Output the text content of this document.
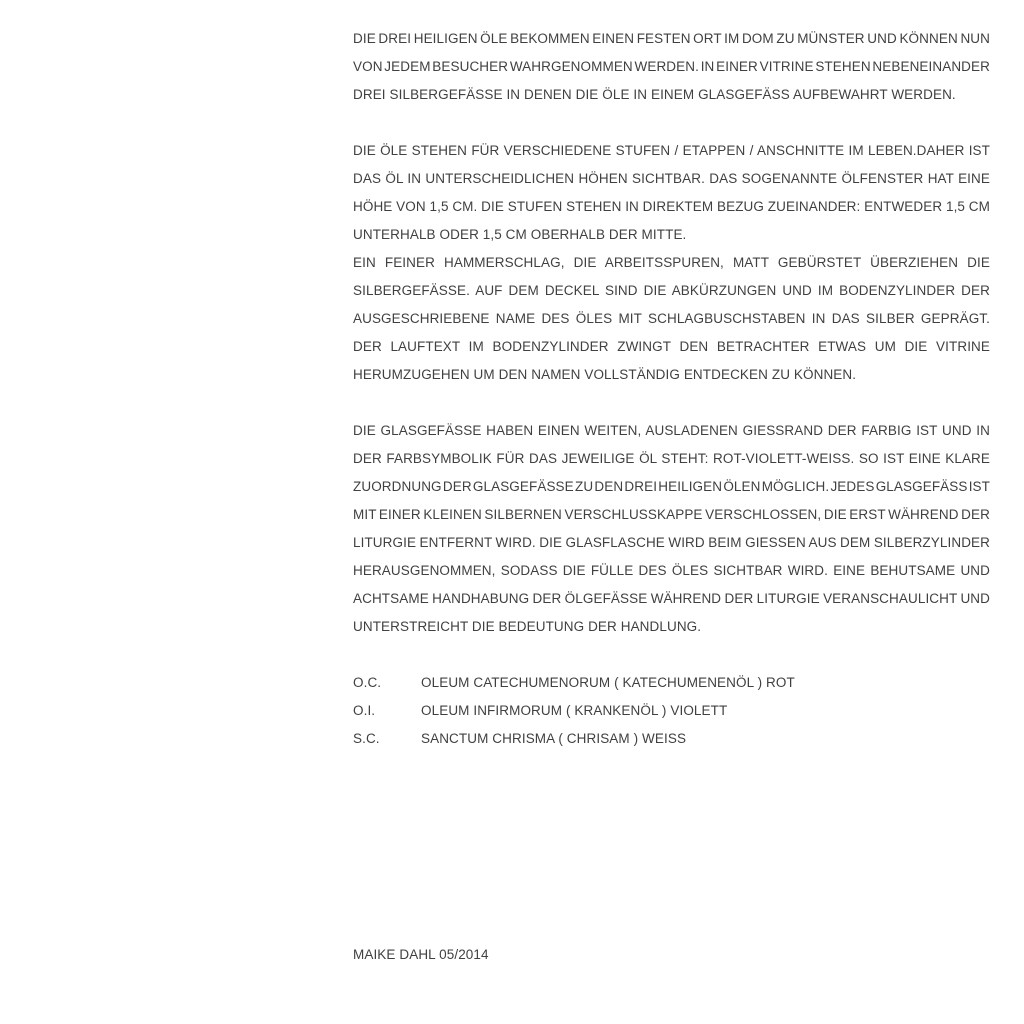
DIE DREI HEILIGEN ÖLE BEKOMMEN EINEN FESTEN ORT IM DOM ZU MÜNSTER UND KÖNNEN NUN
VON JEDEM BESUCHER WAHRGENOMMEN WERDEN. IN EINER VITRINE STEHEN NEBENEINANDER
DREI SILBERGEFÄSSE IN DENEN DIE ÖLE IN EINEM GLASGEFÄSS AUFBEWAHRT WERDEN.
DIE ÖLE STEHEN FÜR VERSCHIEDENE STUFEN / ETAPPEN / ANSCHNITTE IM LEBEN.DAHER IST
DAS ÖL IN UNTERSCHEIDLICHEN HÖHEN SICHTBAR. DAS SOGENANNTE ÖLFENSTER HAT EINE
HÖHE VON 1,5 CM. DIE STUFEN STEHEN IN DIREKTEM BEZUG ZUEINANDER: ENTWEDER 1,5 CM
UNTERHALB ODER 1,5 CM OBERHALB DER MITTE.
EIN FEINER HAMMERSCHLAG, DIE ARBEITSSPUREN, MATT GEBÜRSTET ÜBERZIEHEN DIE
SILBERGEFÄSSE. AUF DEM DECKEL SIND DIE ABKÜRZUNGEN UND IM BODENZYLINDER DER
AUSGESCHRIEBENE NAME DES ÖLES MIT SCHLAGBUSCHSTABEN IN DAS SILBER GEPRÄGT.
DER LAUFTEXT IM BODENZYLINDER ZWINGT DEN BETRACHTER ETWAS UM DIE VITRINE
HERUMZUGEHEN UM DEN NAMEN VOLLSTÄNDIG ENTDECKEN ZU KÖNNEN.
DIE GLASGEFÄSSE HABEN EINEN WEITEN, AUSLADENEN GIESSRAND DER FARBIG IST UND IN
DER FARBSYMBOLIK FÜR DAS JEWEILIGE ÖL STEHT: ROT-VIOLETT-WEISS. SO IST EINE KLARE
ZUORDNUNG DER GLASGEFÄSSE ZU DEN DREI HEILIGEN ÖLEN MÖGLICH. JEDES GLASGEFÄSS IST
MIT EINER KLEINEN SILBERNEN VERSCHLUSSKAPPE VERSCHLOSSEN, DIE ERST WÄHREND DER
LITURGIE ENTFERNT WIRD. DIE GLASFLASCHE WIRD BEIM GIESSEN AUS DEM SILBERZYLINDER
HERAUSGENOMMEN, SODASS DIE FÜLLE DES ÖLES SICHTBAR WIRD. EINE BEHUTSAME UND
ACHTSAME HANDHABUNG DER ÖLGEFÄSSE WÄHREND DER LITURGIE VERANSCHAULICHT UND
UNTERSTREICHT DIE BEDEUTUNG DER HANDLUNG.
O.C.	OLEUM CATECHUMENORUM ( KATECHUMENENÖL ) ROT
O.I.	OLEUM INFIRMORUM ( KRANKENÖL ) VIOLETT
S.C.	SANCTUM CHRISMA ( CHRISAM ) WEISS
MAIKE DAHL 05/2014
